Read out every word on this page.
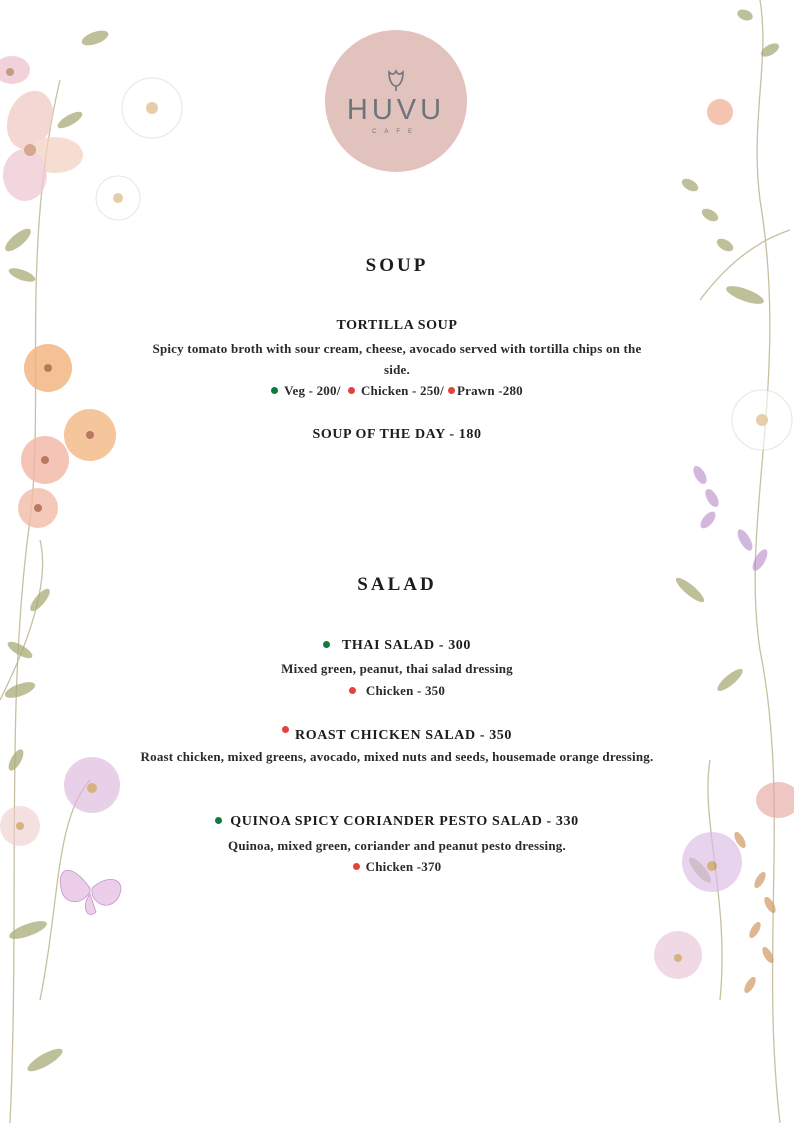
HUVU
CAFE
SOUP
TORTILLA SOUP
Spicy tomato broth with sour cream, cheese, avocado served with tortilla chips on the side.
Veg - 200/ Chicken - 250/ Prawn -280
SOUP OF THE DAY - 180
SALAD
THAI SALAD - 300
Mixed green, peanut, thai salad dressing
Chicken - 350
ROAST CHICKEN SALAD - 350
Roast chicken, mixed greens, avocado, mixed nuts and seeds, housemade orange dressing.
QUINOA SPICY CORIANDER PESTO SALAD - 330
Quinoa, mixed green, coriander and peanut pesto dressing.
Chicken -370
